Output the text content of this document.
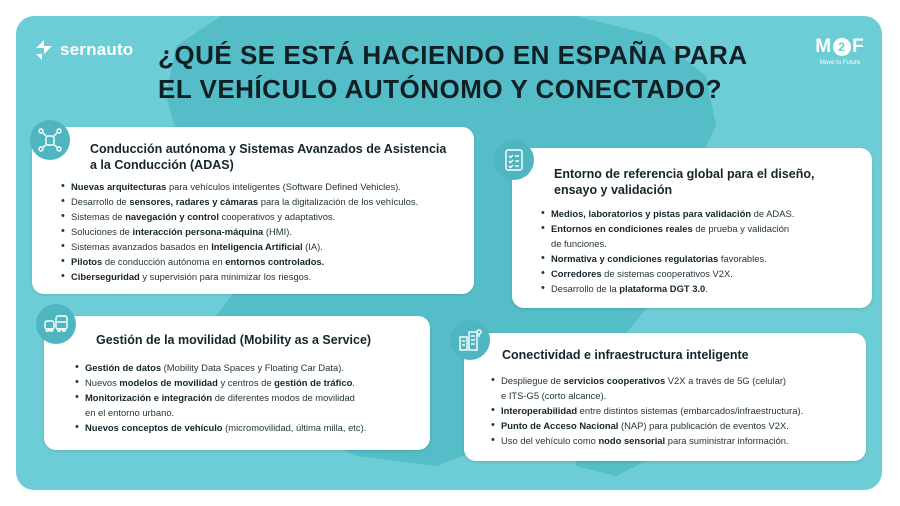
sernauto	M 2 F
Move to Future
¿QUÉ SE ESTÁ HACIENDO EN ESPAÑA PARA
EL VEHÍCULO AUTÓNOMO Y CONECTADO?
Conducción autónoma y Sistemas Avanzados de Asistencia
a la Conducción (ADAS)
• Nuevas arquitecturas para vehículos inteligentes (Software Defined Vehicles).
• Desarrollo de sensores, radares y cámaras para la digitalización de los vehículos.
• Sistemas de navegación y control cooperativos y adaptativos.
• Soluciones de interacción persona-máquina (HMI).
• Sistemas avanzados basados en Inteligencia Artificial (IA).
• Pilotos de conducción autónoma en entornos controlados.
• Ciberseguridad y supervisión para minimizar los riesgos.
Entorno de referencia global para el diseño,
ensayo y validación
• Medios, laboratorios y pistas para validación de ADAS.
• Entornos en condiciones reales de prueba y validación
de funciones.
• Normativa y condiciones regulatorias favorables.
• Corredores de sistemas cooperativos V2X.
• Desarrollo de la plataforma DGT 3.0.
Gestión de la movilidad (Mobility as a Service)
• Gestión de datos (Mobility Data Spaces y Floating Car Data).
• Nuevos modelos de movilidad y centros de gestión de tráfico.
• Monitorización e integración de diferentes modos de movilidad
en el entorno urbano.
• Nuevos conceptos de vehículo (micromovilidad, última milla, etc).
Conectividad e infraestructura inteligente
• Despliegue de servicios cooperativos V2X a través de 5G (celular)
e ITS-G5 (corto alcance).
• Interoperabilidad entre distintos sistemas (embarcados/infraestructura).
• Punto de Acceso Nacional (NAP) para publicación de eventos V2X.
• Uso del vehículo como nodo sensorial para suministrar información.
